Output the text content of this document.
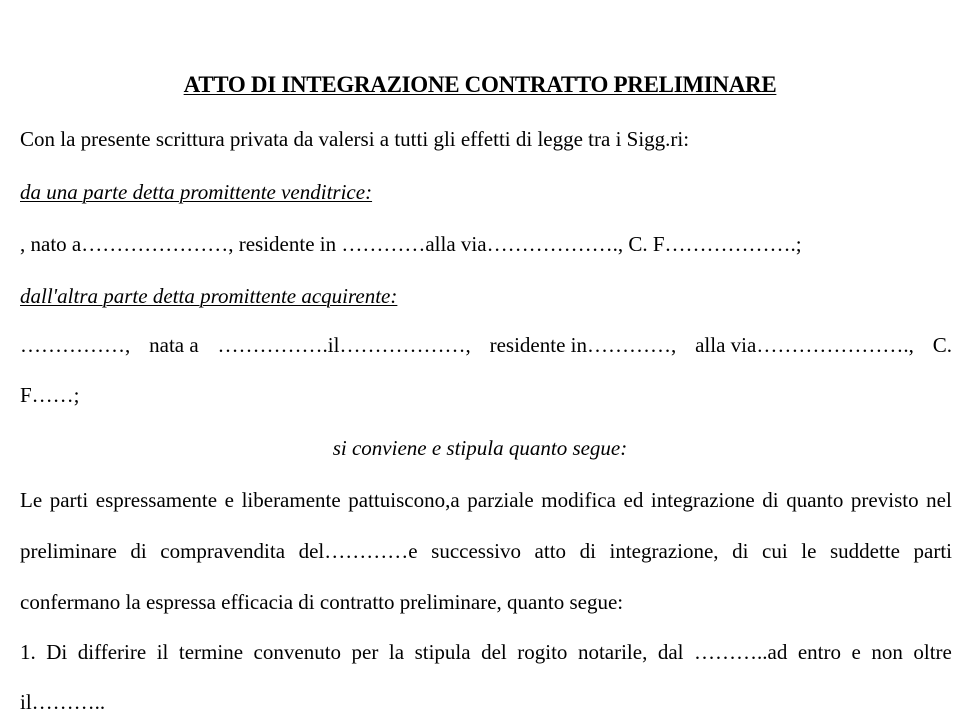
ATTO DI INTEGRAZIONE CONTRATTO PRELIMINARE

Con la presente scrittura privata da valersi a tutti gli effetti di legge tra i Sigg.ri:

da una parte detta promittente venditrice:

, nato a…………………, residente in …………alla via………………., C. F……………….;

dall'altra parte detta promittente acquirente:

……………, nata a …………….il………………, residente in…………, alla via…………………., C.

F……;

si conviene e stipula quanto segue:

Le parti espressamente e liberamente pattuiscono,a parziale modifica ed integrazione di quanto previsto nel
preliminare di compravendita del…………e successivo atto di integrazione, di cui le suddette parti

confermano la espressa efficacia di contratto preliminare, quanto segue:

1. Di differire il termine convenuto per la stipula del rogito notarile, dal ………..ad entro e non oltre

il………..
